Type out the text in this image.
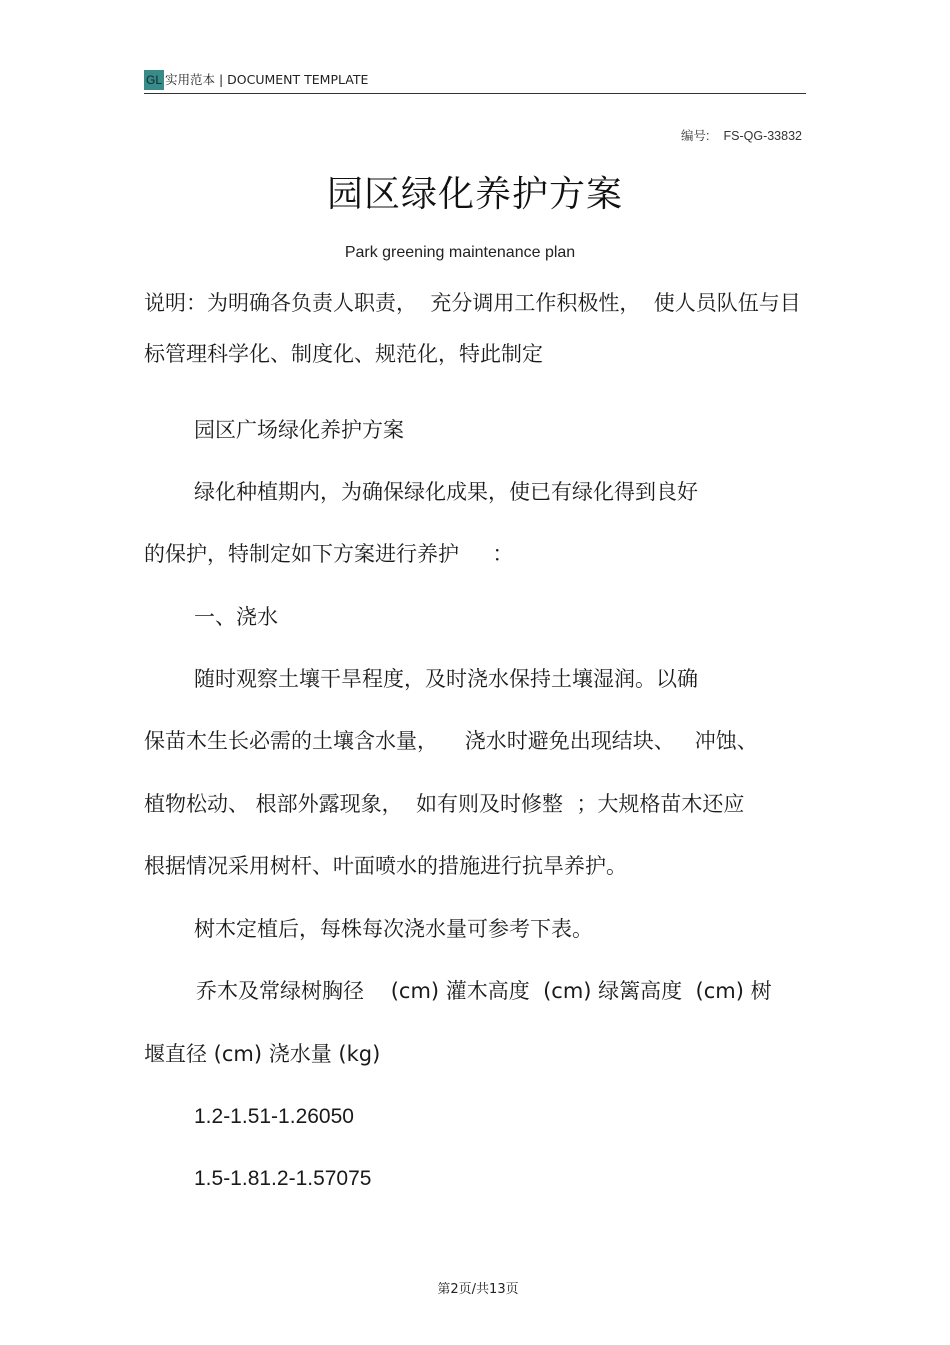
GL 实用范本 | DOCUMENT TEMPLATE
编号: FS-QG-33832
园区绿化养护方案
Park greening maintenance plan
说明：为明确各负责人职责，  充分调用工作积极性，  使人员队伍与目
标管理科学化、制度化、规范化，特此制定
园区广场绿化养护方案
绿化种植期内，为确保绿化成果，使已有绿化得到良好
的保护，特制定如下方案进行养护     ：
一、浇水
随时观察土壤干旱程度，及时浇水保持土壤湿润。以确
保苗木生长必需的土壤含水量，    浇水时避免出现结块、   冲蚀、
植物松动、 根部外露现象，  如有则及时修整  ；大规格苗木还应
根据情况采用树杆、叶面喷水的措施进行抗旱养护。
树木定植后，每株每次浇水量可参考下表。
乔木及常绿树胸径    (cm) 灌木高度  (cm) 绿篱高度  (cm) 树
堰直径 (cm) 浇水量 (kg)
1.2-1.51-1.26050
1.5-1.81.2-1.57075
第2页/共13页
